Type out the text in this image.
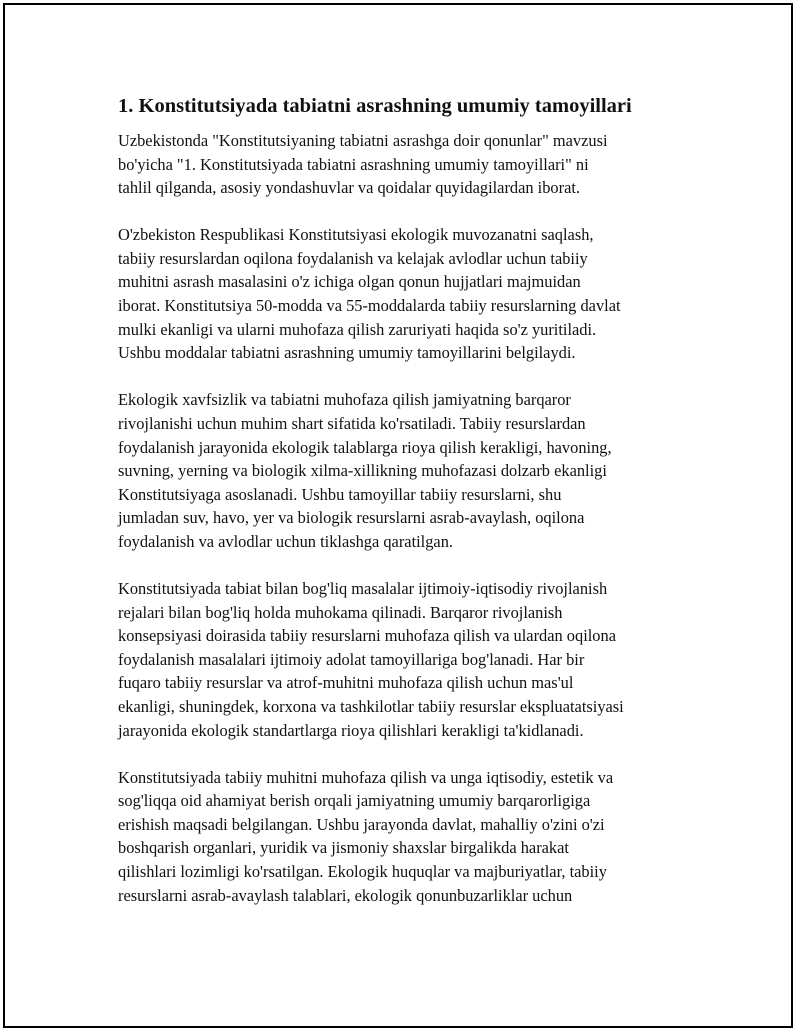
1. Konstitutsiyada tabiatni asrashning umumiy tamoyillari

Uzbekistonda "Konstitutsiyaning tabiatni asrashga doir qonunlar" mavzusi
bo'yicha "1. Konstitutsiyada tabiatni asrashning umumiy tamoyillari" ni
tahlil qilganda, asosiy yondashuvlar va qoidalar quyidagilardan iborat.

O'zbekiston Respublikasi Konstitutsiyasi ekologik muvozanatni saqlash,
tabiiy resurslardan oqilona foydalanish va kelajak avlodlar uchun tabiiy
muhitni asrash masalasini o'z ichiga olgan qonun hujjatlari majmuidan
iborat. Konstitutsiya 50-modda va 55-moddalarda tabiiy resurslarning davlat
mulki ekanligi va ularni muhofaza qilish zaruriyati haqida so'z yuritiladi.
Ushbu moddalar tabiatni asrashning umumiy tamoyillarini belgilaydi.

Ekologik xavfsizlik va tabiatni muhofaza qilish jamiyatning barqaror
rivojlanishi uchun muhim shart sifatida ko'rsatiladi. Tabiiy resurslardan
foydalanish jarayonida ekologik talablarga rioya qilish kerakligi, havoning,
suvning, yerning va biologik xilma-xillikning muhofazasi dolzarb ekanligi
Konstitutsiyaga asoslanadi. Ushbu tamoyillar tabiiy resurslarni, shu
jumladan suv, havo, yer va biologik resurslarni asrab-avaylash, oqilona
foydalanish va avlodlar uchun tiklashga qaratilgan.

Konstitutsiyada tabiat bilan bog'liq masalalar ijtimoiy-iqtisodiy rivojlanish
rejalari bilan bog'liq holda muhokama qilinadi. Barqaror rivojlanish
konsepsiyasi doirasida tabiiy resurslarni muhofaza qilish va ulardan oqilona
foydalanish masalalari ijtimoiy adolat tamoyillariga bog'lanadi. Har bir
fuqaro tabiiy resurslar va atrof-muhitni muhofaza qilish uchun mas'ul
ekanligi, shuningdek, korxona va tashkilotlar tabiiy resurslar ekspluatatsiyasi
jarayonida ekologik standartlarga rioya qilishlari kerakligi ta'kidlanadi.

Konstitutsiyada tabiiy muhitni muhofaza qilish va unga iqtisodiy, estetik va
sog'liqqa oid ahamiyat berish orqali jamiyatning umumiy barqarorligiga
erishish maqsadi belgilangan. Ushbu jarayonda davlat, mahalliy o'zini o'zi
boshqarish organlari, yuridik va jismoniy shaxslar birgalikda harakat
qilishlari lozimligi ko'rsatilgan. Ekologik huquqlar va majburiyatlar, tabiiy
resurslarni asrab-avaylash talablari, ekologik qonunbuzarliklar uchun
